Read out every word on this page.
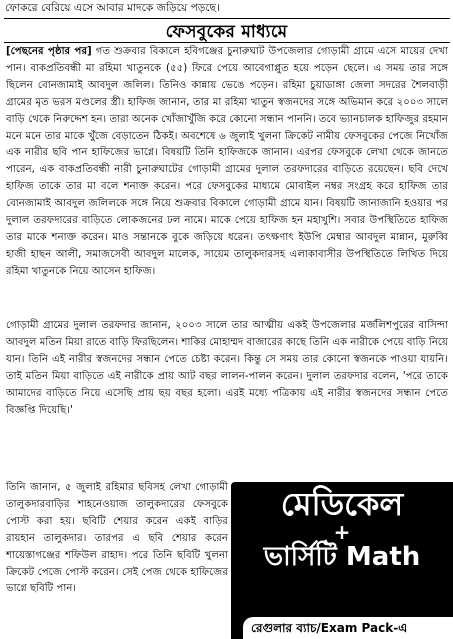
ফোকরে বেরিয়ে এসে আবার মাদকে জড়িয়ে পড়ছে।
ফেসবুকের মাধ্যমে
[পেছনের পৃষ্ঠার পর] গত শুক্রবার বিকালে হবিগঞ্জের চুনারুঘাট উপজেলার গোড়ামী গ্রামে এসে মায়ের দেখা পান। বাকপ্রতিবন্ধী মা রহিমা খাতুনকে (৫৫) ফিরে পেয়ে আবেগাপ্লুত হয়ে পড়েন ছেলে। এ সময় তার সঙ্গে ছিলেন বোনজামাই আবদুল জলিল। তিনিও কান্নায় ভেঙে পড়েন। রহিমা চুয়াডাঙ্গা জেলা সদরের শৈলবাড়ী গ্রামের মৃত ভরস মণ্ডলের স্ত্রী। হাফিজ জানান, তার মা রহিমা খাতুন স্বজনদের সঙ্গে অভিমান করে ২০০৩ সালে বাড়ি থেকে নিরুদ্দেশ হন। তারা অনেক খোঁজাখুঁজি করে কোনো সন্ধান পাননি। তবে ভ্যানচালক হাফিজুর রহমান মনে মনে তার মাকে খুঁজে বেড়াতেন ঠিকই। অবশেষে ৬ জুলাই খুলনা ক্রিকেট নামীয় ফেসবুকের পেজে নিখোঁজ এক নারীর ছবি পান হাফিজের ভাগ্নে। বিষয়টি তিনি হাফিজকে জানান। এরপর ফেসবুকে লেখা থেকে জানতে পারেন, এক বাকপ্রতিবন্ধী নারী চুনারুঘাটের গোড়ামী গ্রামের দুলাল তরফদারের বাড়িতে রয়েছেন। ছবি দেখে হাফিজ তাকে তার মা বলে শনাক্ত করেন। পরে ফেসবুকের মাধ্যমে মোবাইল নম্বর সংগ্রহ করে হাফিজ তার বোনজামাই আবদুল জলিলকে সঙ্গে নিয়ে শুক্রবার বিকালে গোড়ামী গ্রামে যান। বিষয়টি জানাজানি হওয়ার পর দুলাল তরফদারের বাড়িতে লোকজনের ঢল নামে। মাকে পেয়ে হাফিজ হন মহাখুশি। সবার উপস্থিতিতে হাফিজ তার মাকে শনাক্ত করেন। মাও সন্তানকে বুকে জড়িয়ে ধরেন। তৎক্ষণাৎ ইউপি মেম্বার আবদুল মান্নান, মুরুব্বি হাজী হাছন আলী, সমাজসেবী আবদুল মালেক, সায়েম তালুকদারসহ এলাকাবাসীর উপস্থিতিতে লিখিত দিয়ে রহিমা খাতুনকে নিয়ে আসেন হাফিজ।
গোড়ামী গ্রামের দুলাল তরফদার জানান, ২০০৩ সালে তার আত্মীয় একই উপজেলার মর্জলিশপুরের বাসিন্দা আবদুল মতিন মিয়া রাতে বাড়ি ফিরছিলেন। শাকির মোহাম্মদ বাজারের কাছে তিনি এক নারীকে পেয়ে বাড়ি নিয়ে যান। তিনি এই নারীর স্বজনদের সন্ধান পেতে চেষ্টা করেন। কিন্তু সে সময় তার কোনো স্বজনকে পাওয়া যায়নি। তাই মতিন মিয়া বাড়িতে এই নারীকে প্রায় আট বছর লালন-পালন করেন। দুলাল তরফদার বলেন, 'পরে তাকে আমাদের বাড়িতে নিয়ে এসেছি প্রায় ছয় বছর হলো। এরই মধ্যে পত্রিকায় এই নারীর স্বজনদের সন্ধান পেতে বিজ্ঞপ্তি দিয়েছি।'
তিনি জানান, ৫ জুলাই রহিমার ছবিসহ লেখা গোড়ামী তালুকদারবাড়ির শাহনেওয়াজ তালুকদারের ফেসবুকে পোস্ট করা হয়। ছবিটি শেয়ার করেন একই বাড়ির রায়হান তালুকদার। তারপর এ ছবি শেয়ার করেন শায়েস্তাগঞ্জের শফিউল রাহাদ। পরে তিনি ছবিটি খুলনা ক্রিকেট পেজে পোস্ট করেন। সেই পেজ থেকে হাফিজের ভাগ্নে ছবিটি পান।
মেডিকেল
+
ভার্সিটি Math
রেগুলার ব্যাচ/Exam Pack-এ
